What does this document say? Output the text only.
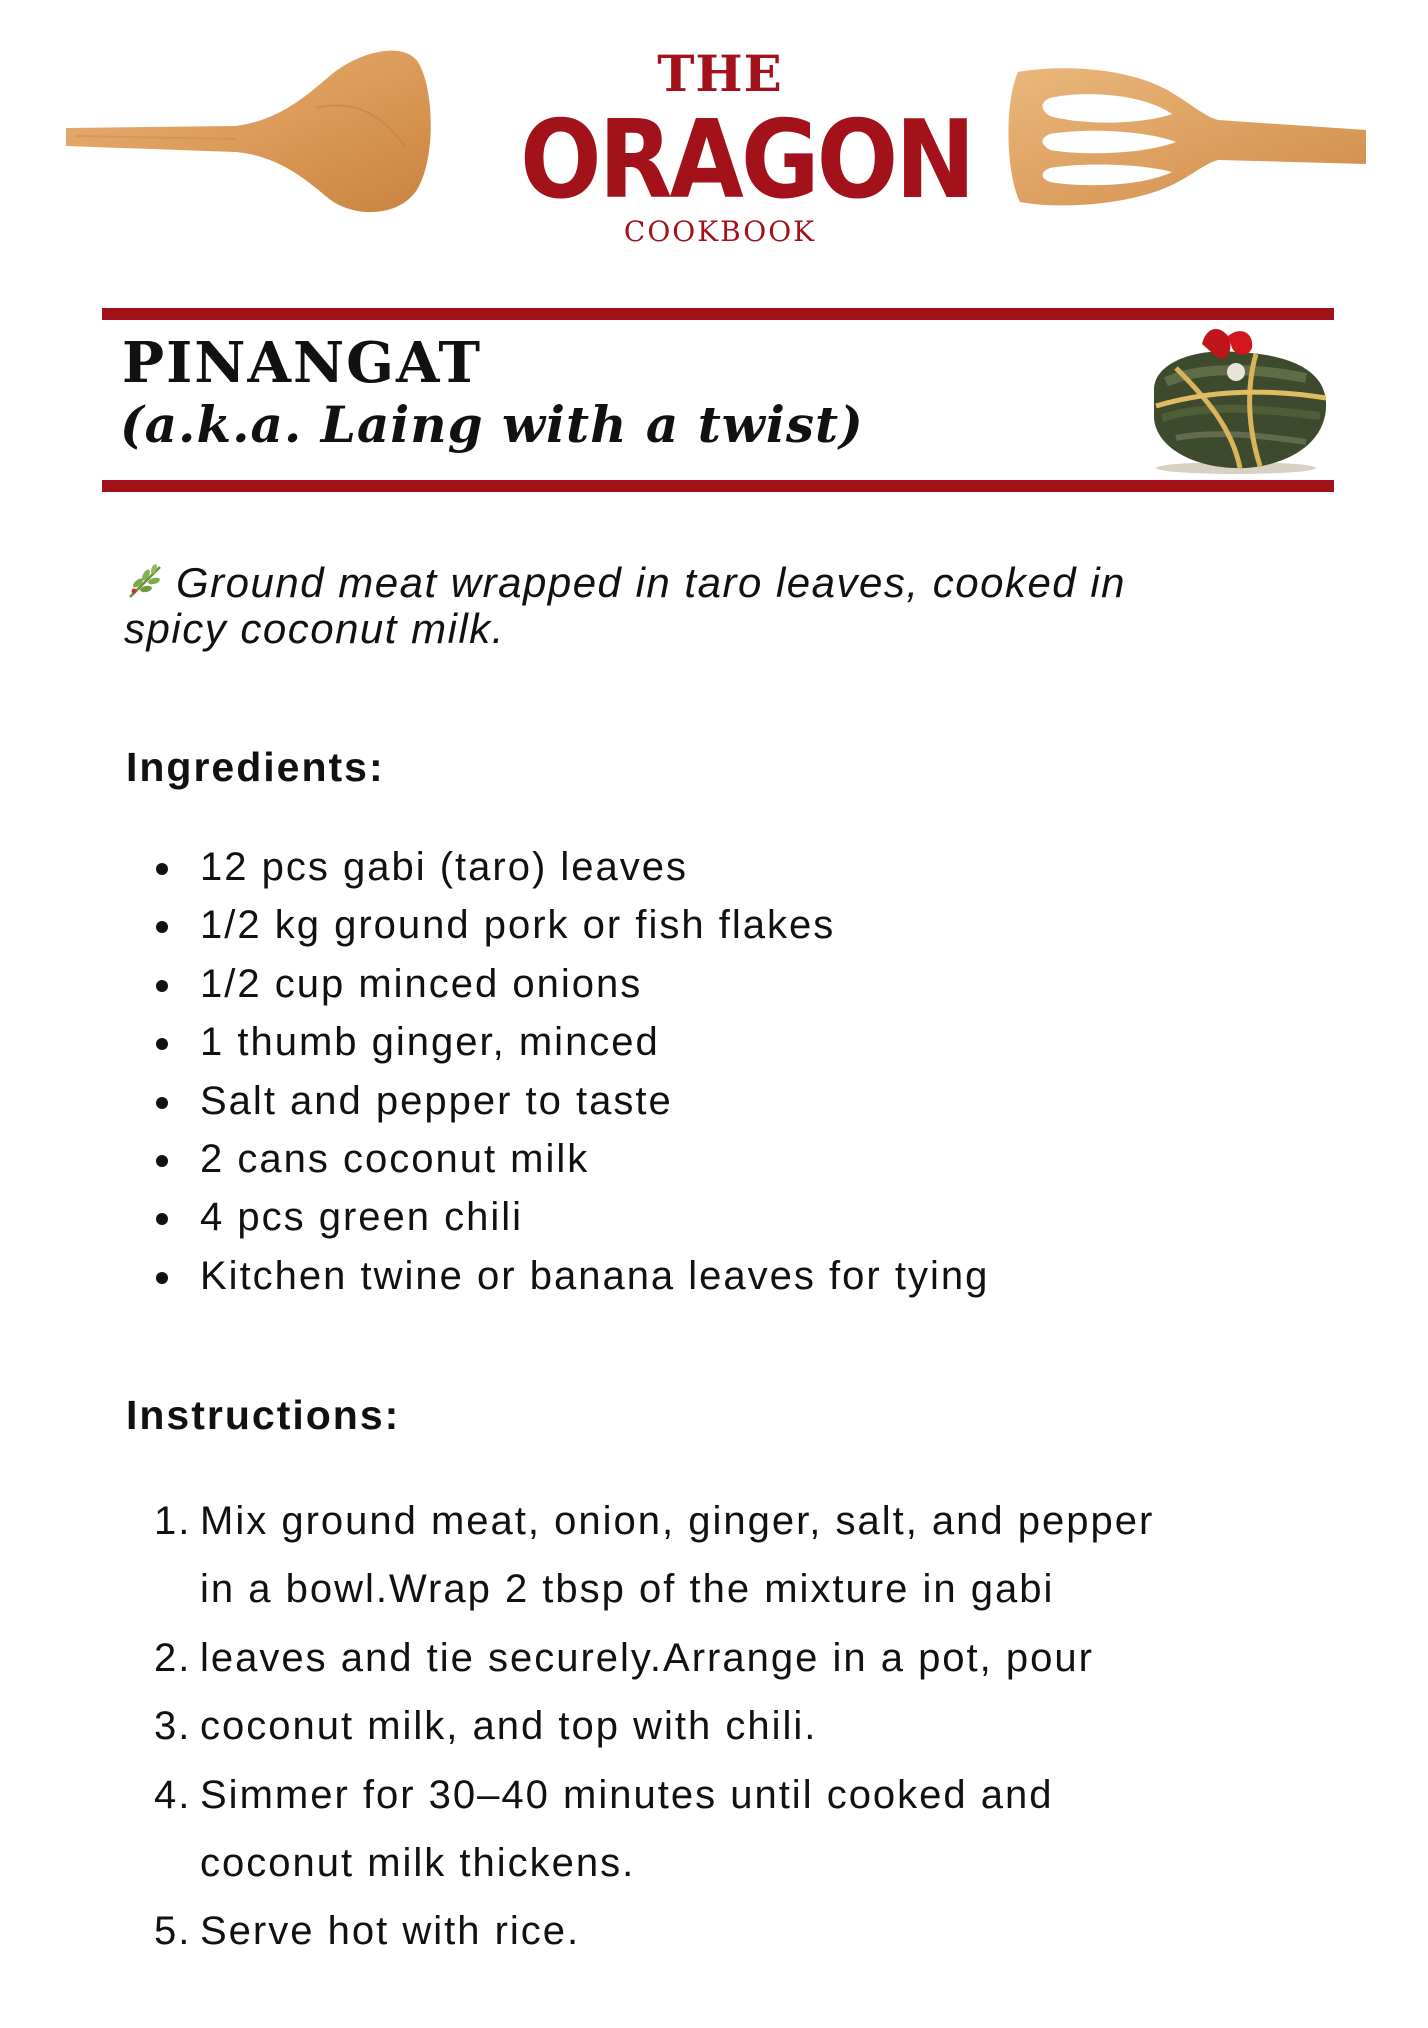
THE
ORAGON
COOKBOOK
PINANGAT
(a.k.a. Laing with a twist)
Ground meat wrapped in taro leaves, cooked in
spicy coconut milk.
Ingredients:
12 pcs gabi (taro) leaves
1/2 kg ground pork or fish flakes
1/2 cup minced onions
1 thumb ginger, minced
Salt and pepper to taste
2 cans coconut milk
4 pcs green chili
Kitchen twine or banana leaves for tying
Instructions:
1. Mix ground meat, onion, ginger, salt, and pepper
in a bowl.Wrap 2 tbsp of the mixture in gabi
2. leaves and tie securely.Arrange in a pot, pour
3. coconut milk, and top with chili.
4. Simmer for 30–40 minutes until cooked and
coconut milk thickens.
5. Serve hot with rice.
